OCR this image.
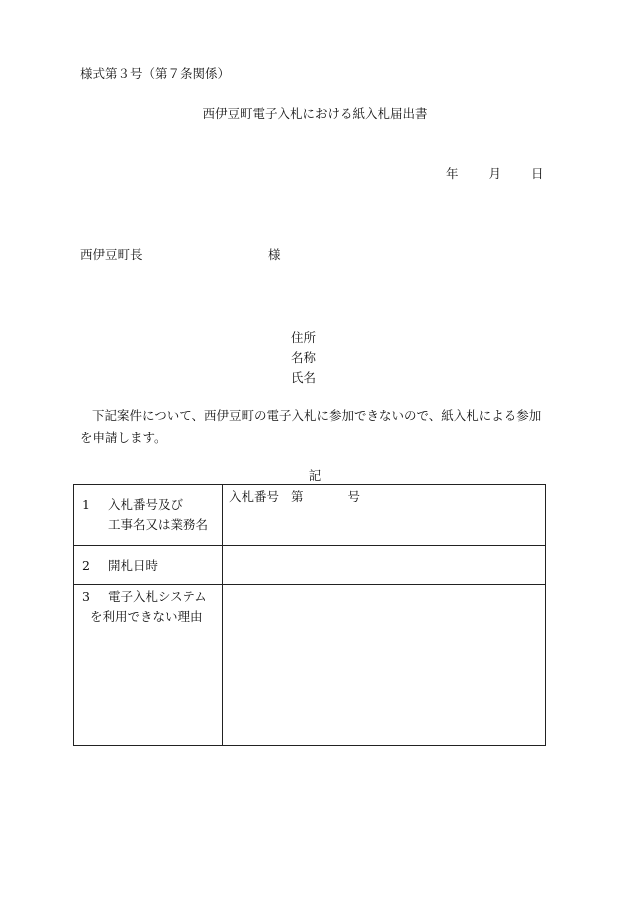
様式第３号（第７条関係）
西伊豆町電子入札における紙入札届出書
年 月 日
西伊豆町長	様
住所
名称
氏名
下記案件について、西伊豆町の電子入札に参加できないので、紙入札による参加を申請します。
記
1 入札番号及び
工事名又は業務名	入札番号 第 号

2 開札日時	

3 電子入札システム
を利用できない理由	
